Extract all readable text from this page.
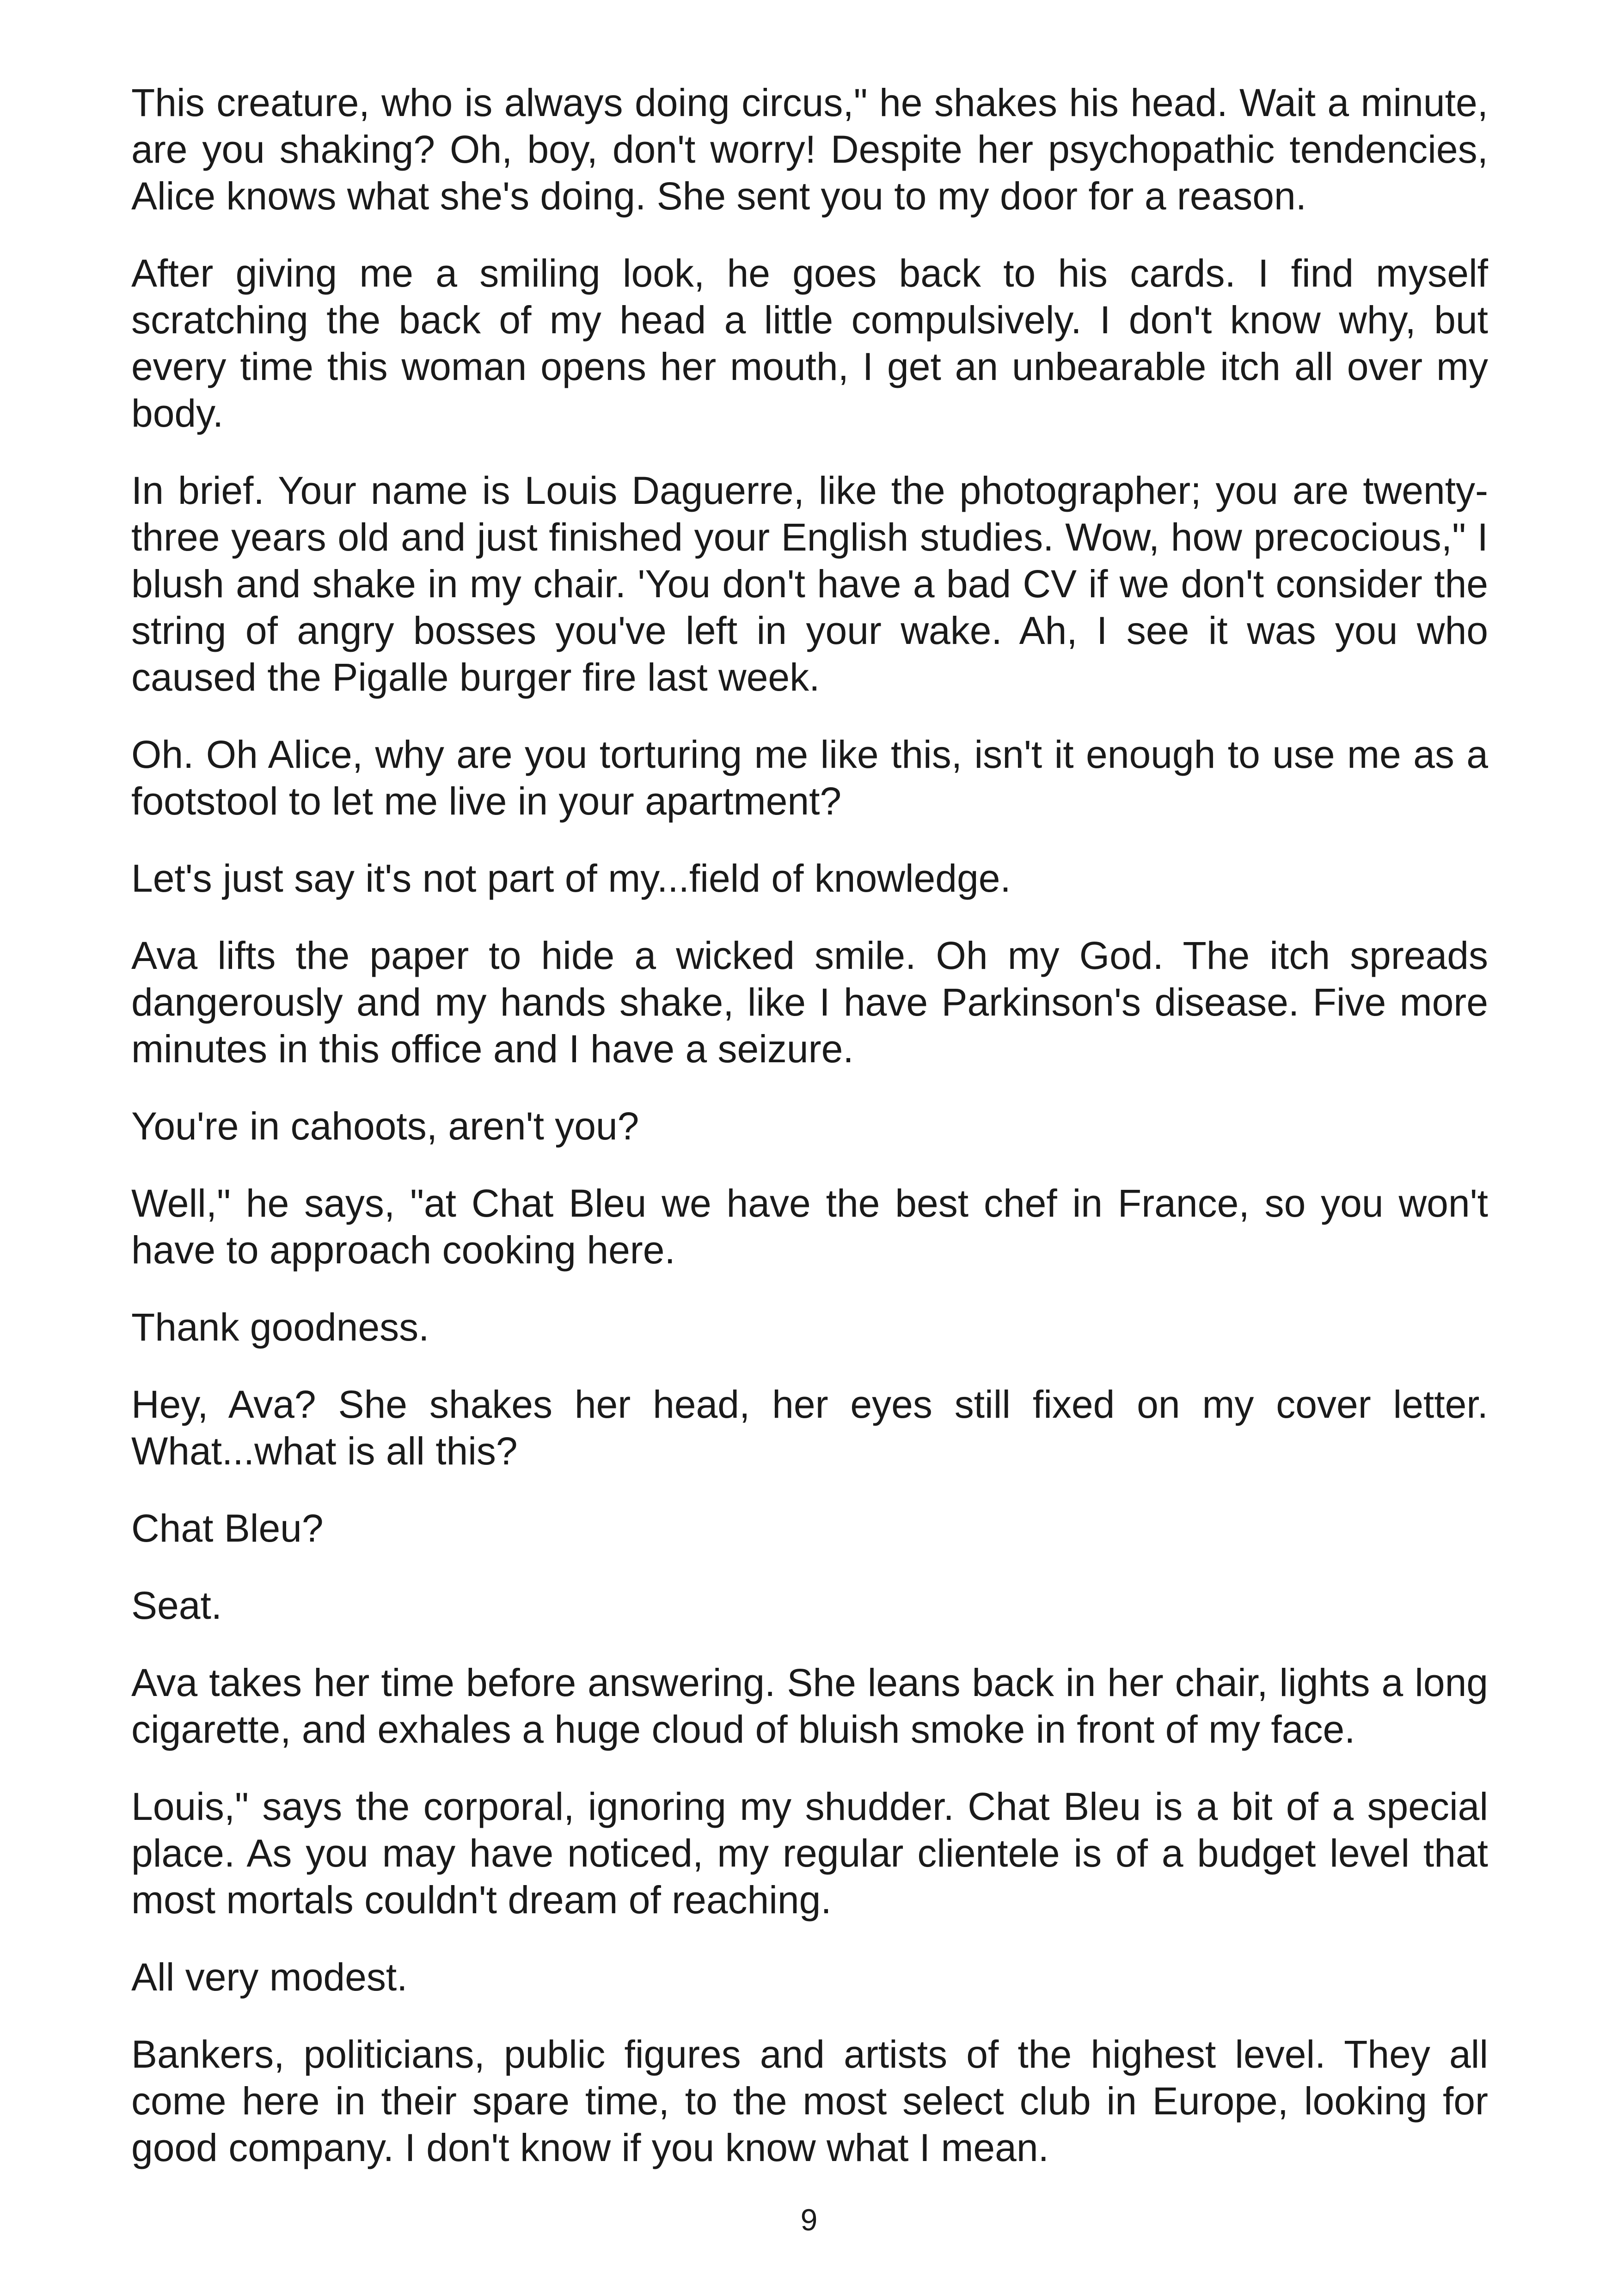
This creature, who is always doing circus," he shakes his head. Wait a minute, are you shaking? Oh, boy, don't worry! Despite her psychopathic tendencies, Alice knows what she's doing. She sent you to my door for a reason.

After giving me a smiling look, he goes back to his cards. I find myself scratching the back of my head a little compulsively. I don't know why, but every time this woman opens her mouth, I get an unbearable itch all over my body.

In brief. Your name is Louis Daguerre, like the photographer; you are twenty-three years old and just finished your English studies. Wow, how precocious," I blush and shake in my chair. 'You don't have a bad CV if we don't consider the string of angry bosses you've left in your wake. Ah, I see it was you who caused the Pigalle burger fire last week.

Oh. Oh Alice, why are you torturing me like this, isn't it enough to use me as a footstool to let me live in your apartment?

Let's just say it's not part of my...field of knowledge.

Ava lifts the paper to hide a wicked smile. Oh my God. The itch spreads dangerously and my hands shake, like I have Parkinson's disease. Five more minutes in this office and I have a seizure.

You're in cahoots, aren't you?

Well," he says, "at Chat Bleu we have the best chef in France, so you won't have to approach cooking here.

Thank goodness.

Hey, Ava? She shakes her head, her eyes still fixed on my cover letter. What...what is all this?

Chat Bleu?

Seat.

Ava takes her time before answering. She leans back in her chair, lights a long cigarette, and exhales a huge cloud of bluish smoke in front of my face.

Louis," says the corporal, ignoring my shudder. Chat Bleu is a bit of a special place. As you may have noticed, my regular clientele is of a budget level that most mortals couldn't dream of reaching.

All very modest.

Bankers, politicians, public figures and artists of the highest level. They all come here in their spare time, to the most select club in Europe, looking for good company. I don't know if you know what I mean.

9
